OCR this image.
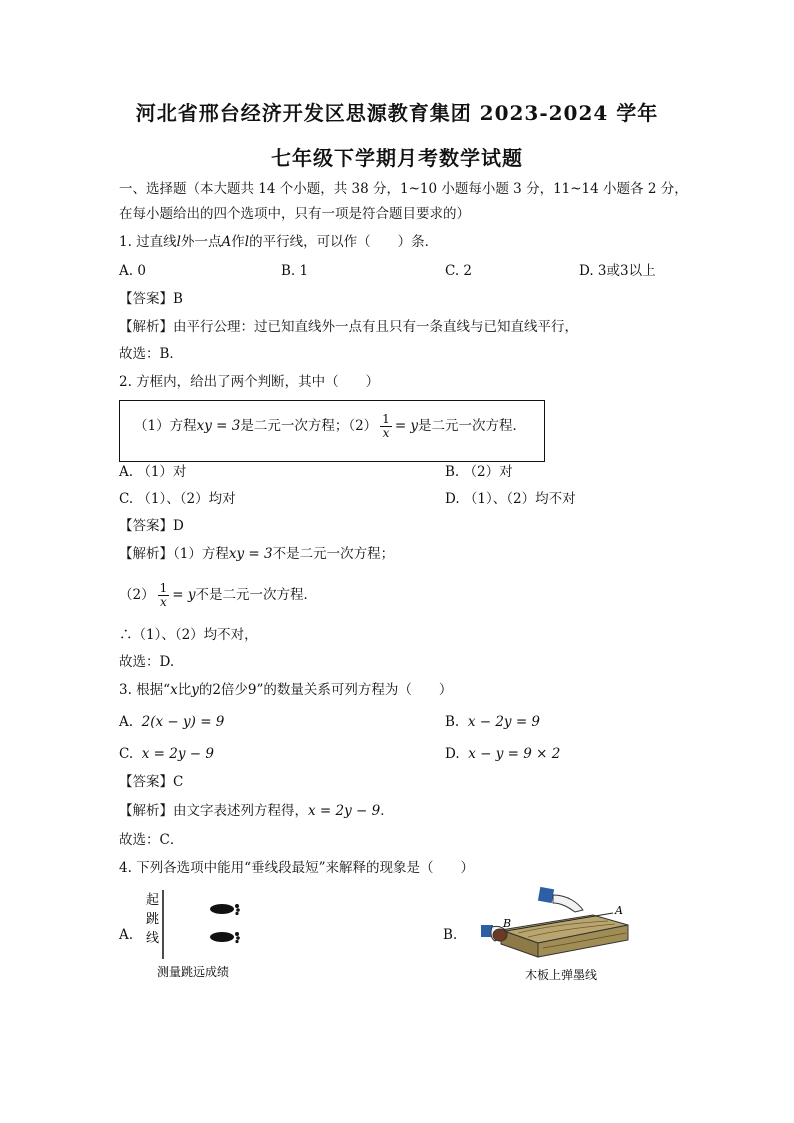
河北省邢台经济开发区思源教育集团 2023-2024 学年
七年级下学期月考数学试题
一、选择题（本大题共 14 个小题，共 38 分，1~10 小题每小题 3 分，11~14 小题各 2 分，
在每小题给出的四个选项中，只有一项是符合题目要求的）
1. 过直线l外一点A作l的平行线，可以作（　　）条．
A. 0	B. 1	C. 2	D. 3或3以上
【答案】B
【解析】由平行公理：过已知直线外一点有且只有一条直线与已知直线平行，
故选：B．
2. 方框内，给出了两个判断，其中（　　）
（1）方程xy = 3是二元一次方程；$(2) \frac{1}{x} = y$是二元一次方程．
A. （1）对	B. （2）对
C. （1）、（2）均对	D. （1）、（2）均不对
【答案】D
【解析】（1）方程xy = 3不是二元一次方程；
$(2) \frac{1}{x} = y$不是二元一次方程．
∴（1）、（2）均不对，
故选：D.
3. 根据“x比y的2倍少9”的数量关系可列方程为（　　）
A. 2(x − y) = 9	B. x − 2y = 9
C. x = 2y − 9	D. x − y = 9 × 2
【答案】C
【解析】由文字表述列方程得，x = 2y − 9．
故选：C．
4. 下列各选项中能用“垂线段最短”来解释的现象是（　　）
A.
起
跳
线
测量跳远成绩
B.
A
B
木板上弹墨线
